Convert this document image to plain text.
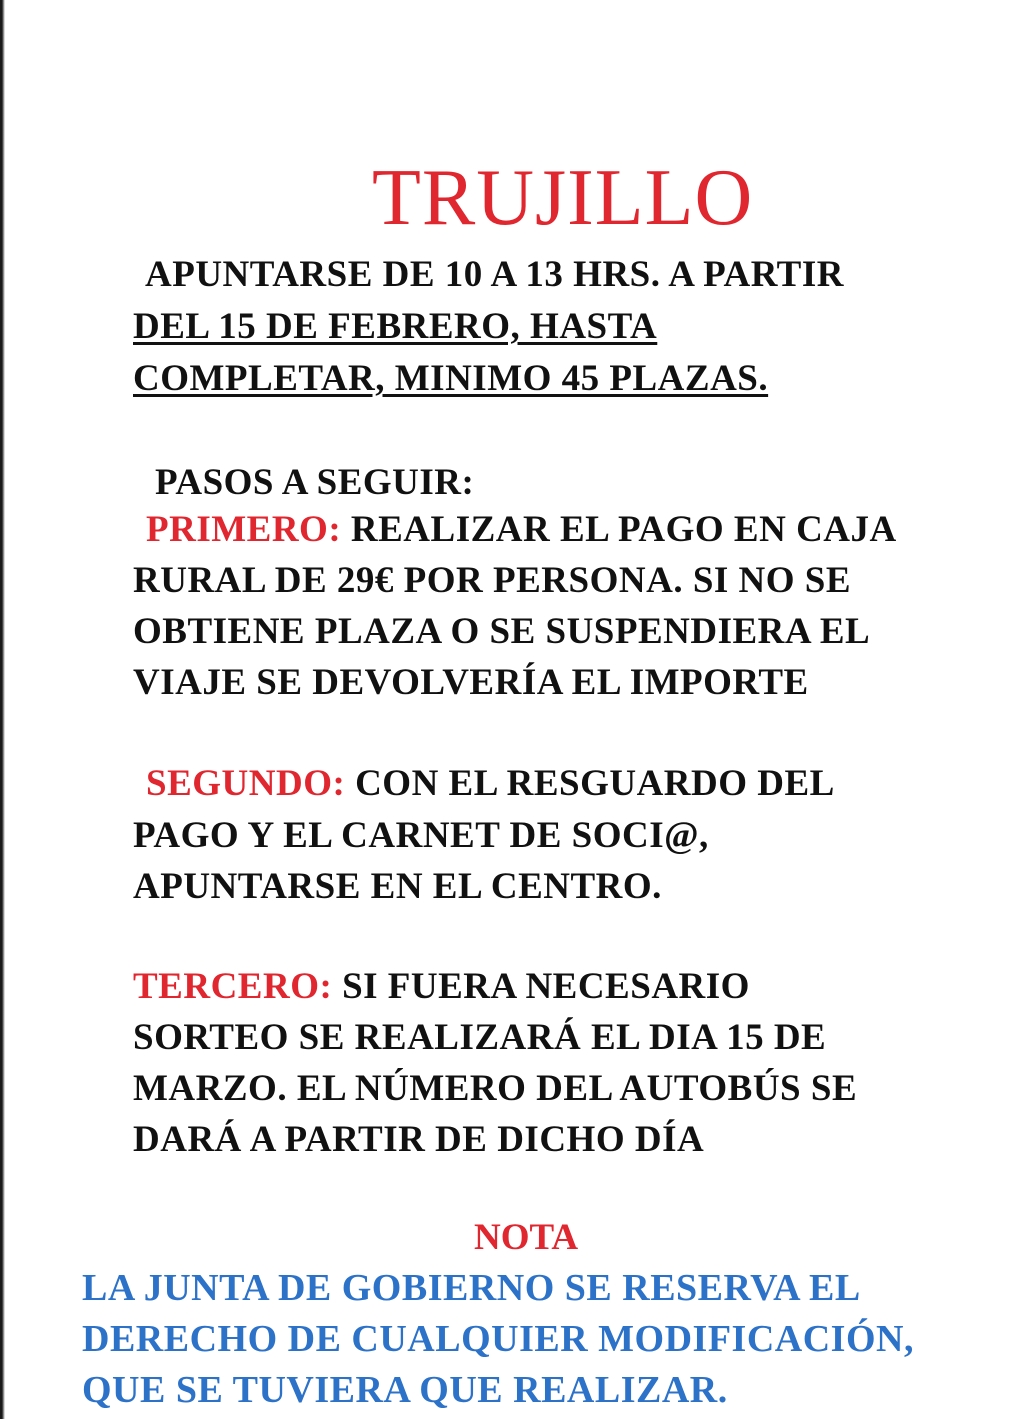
TRUJILLO
APUNTARSE DE 10 A 13 HRS. A PARTIR
DEL 15 DE FEBRERO, HASTA
COMPLETAR, MINIMO 45 PLAZAS.
PASOS A SEGUIR:
PRIMERO: REALIZAR EL PAGO EN CAJA
RURAL DE 29€ POR PERSONA. SI NO SE
OBTIENE PLAZA O SE SUSPENDIERA EL
VIAJE SE DEVOLVERÍA EL IMPORTE
SEGUNDO: CON EL RESGUARDO DEL
PAGO Y EL CARNET DE SOCI@,
APUNTARSE EN EL CENTRO.
TERCERO: SI FUERA NECESARIO
SORTEO SE REALIZARÁ EL DIA 15 DE
MARZO. EL NÚMERO DEL AUTOBÚS SE
DARÁ A PARTIR DE DICHO DÍA
NOTA
LA JUNTA DE GOBIERNO SE RESERVA EL
DERECHO DE CUALQUIER MODIFICACIÓN,
QUE SE TUVIERA QUE REALIZAR.
